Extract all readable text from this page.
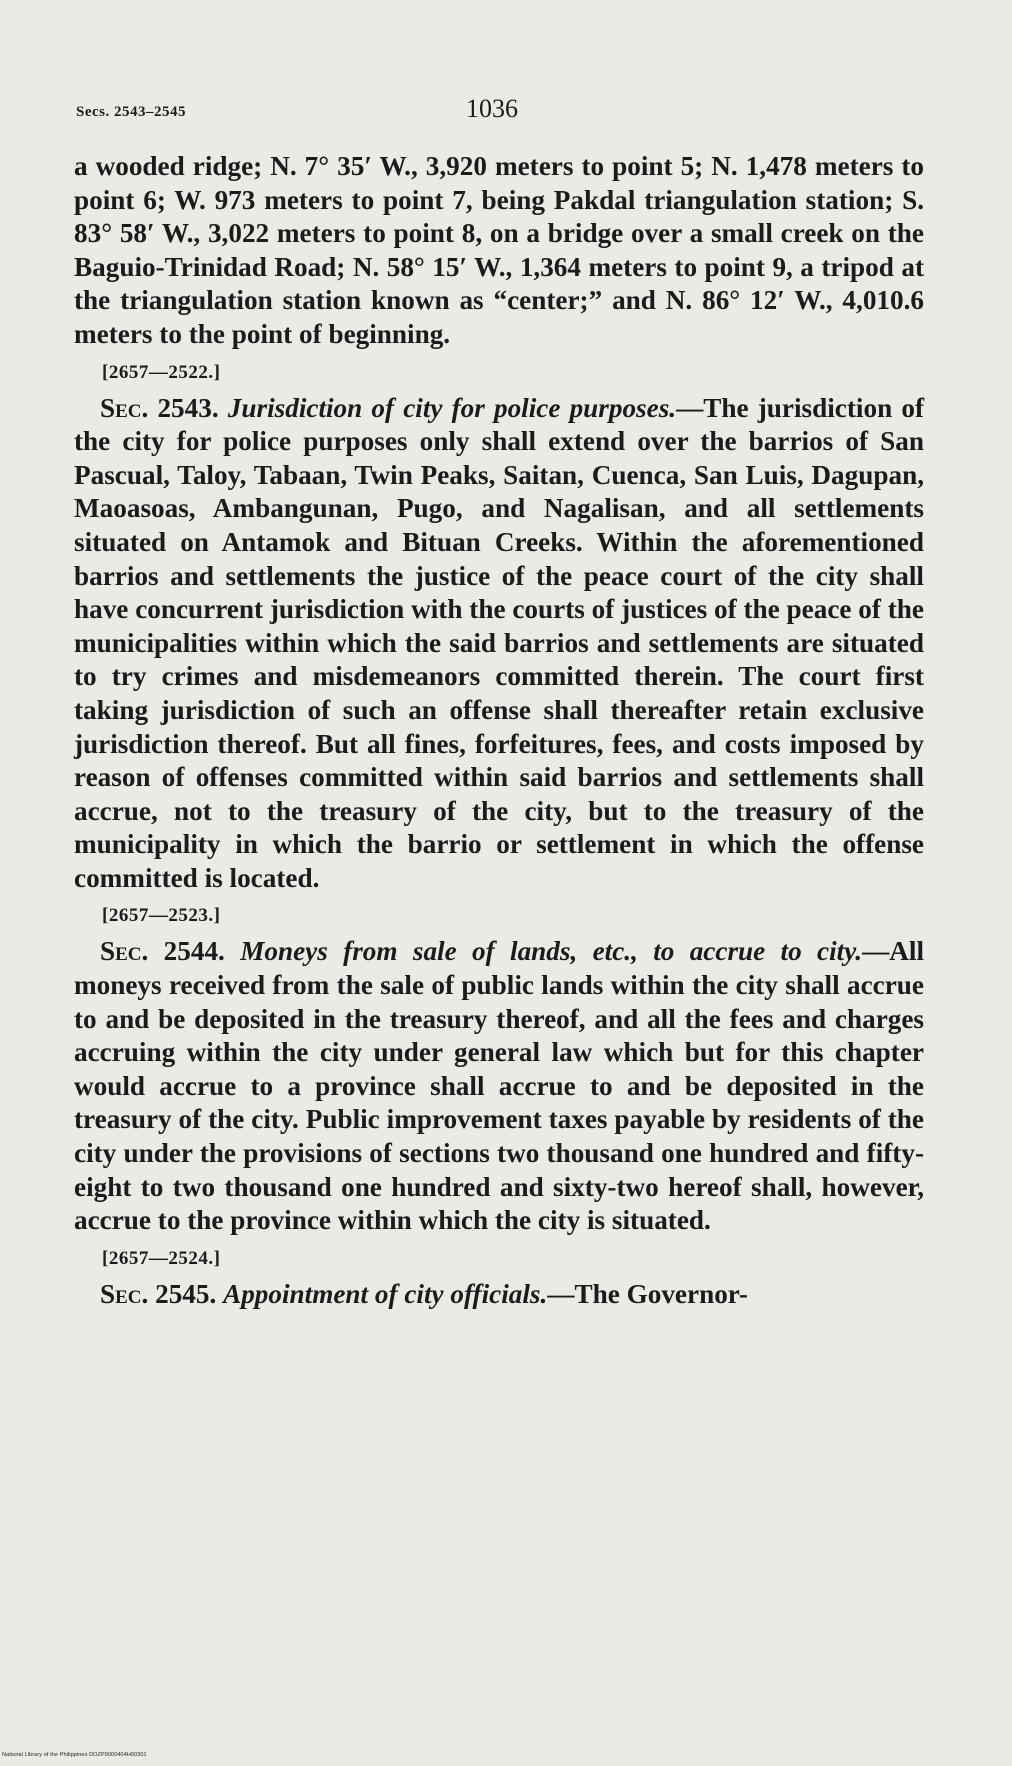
Secs. 2543–2545	1036

a wooded ridge; N. 7° 35′ W., 3,920 meters to point 5; N. 1,478 meters to point 6; W. 973 meters to point 7, being Pakdal triangulation station; S. 83° 58′ W., 3,022 meters to point 8, on a bridge over a small creek on the Baguio-Trinidad Road; N. 58° 15′ W., 1,364 meters to point 9, a tripod at the triangulation station known as “center;” and N. 86° 12′ W., 4,010.6 meters to the point of beginning.

[2657—2522.]

Sec. 2543. Jurisdiction of city for police purposes.—The jurisdiction of the city for police purposes only shall extend over the barrios of San Pascual, Taloy, Tabaan, Twin Peaks, Saitan, Cuenca, San Luis, Dagupan, Maoasoas, Ambangunan, Pugo, and Nagalisan, and all settlements situated on Antamok and Bituan Creeks. Within the aforementioned barrios and settlements the justice of the peace court of the city shall have concurrent jurisdiction with the courts of justices of the peace of the municipalities within which the said barrios and settlements are situated to try crimes and misdemeanors committed therein. The court first taking jurisdiction of such an offense shall thereafter retain exclusive jurisdiction thereof. But all fines, forfeitures, fees, and costs imposed by reason of offenses committed within said barrios and settlements shall accrue, not to the treasury of the city, but to the treasury of the municipality in which the barrio or settlement in which the offense committed is located.

[2657—2523.]

Sec. 2544. Moneys from sale of lands, etc., to accrue to city.—All moneys received from the sale of public lands within the city shall accrue to and be deposited in the treasury thereof, and all the fees and charges accruing within the city under general law which but for this chapter would accrue to a province shall accrue to and be deposited in the treasury of the city. Public improvement taxes payable by residents of the city under the provisions of sections two thousand one hundred and fifty-eight to two thousand one hundred and sixty-two hereof shall, however, accrue to the province within which the city is situated.

[2657—2524.]

Sec. 2545. Appointment of city officials.—The Governor-

National Library of the Philippines DOZP9000404H00301
